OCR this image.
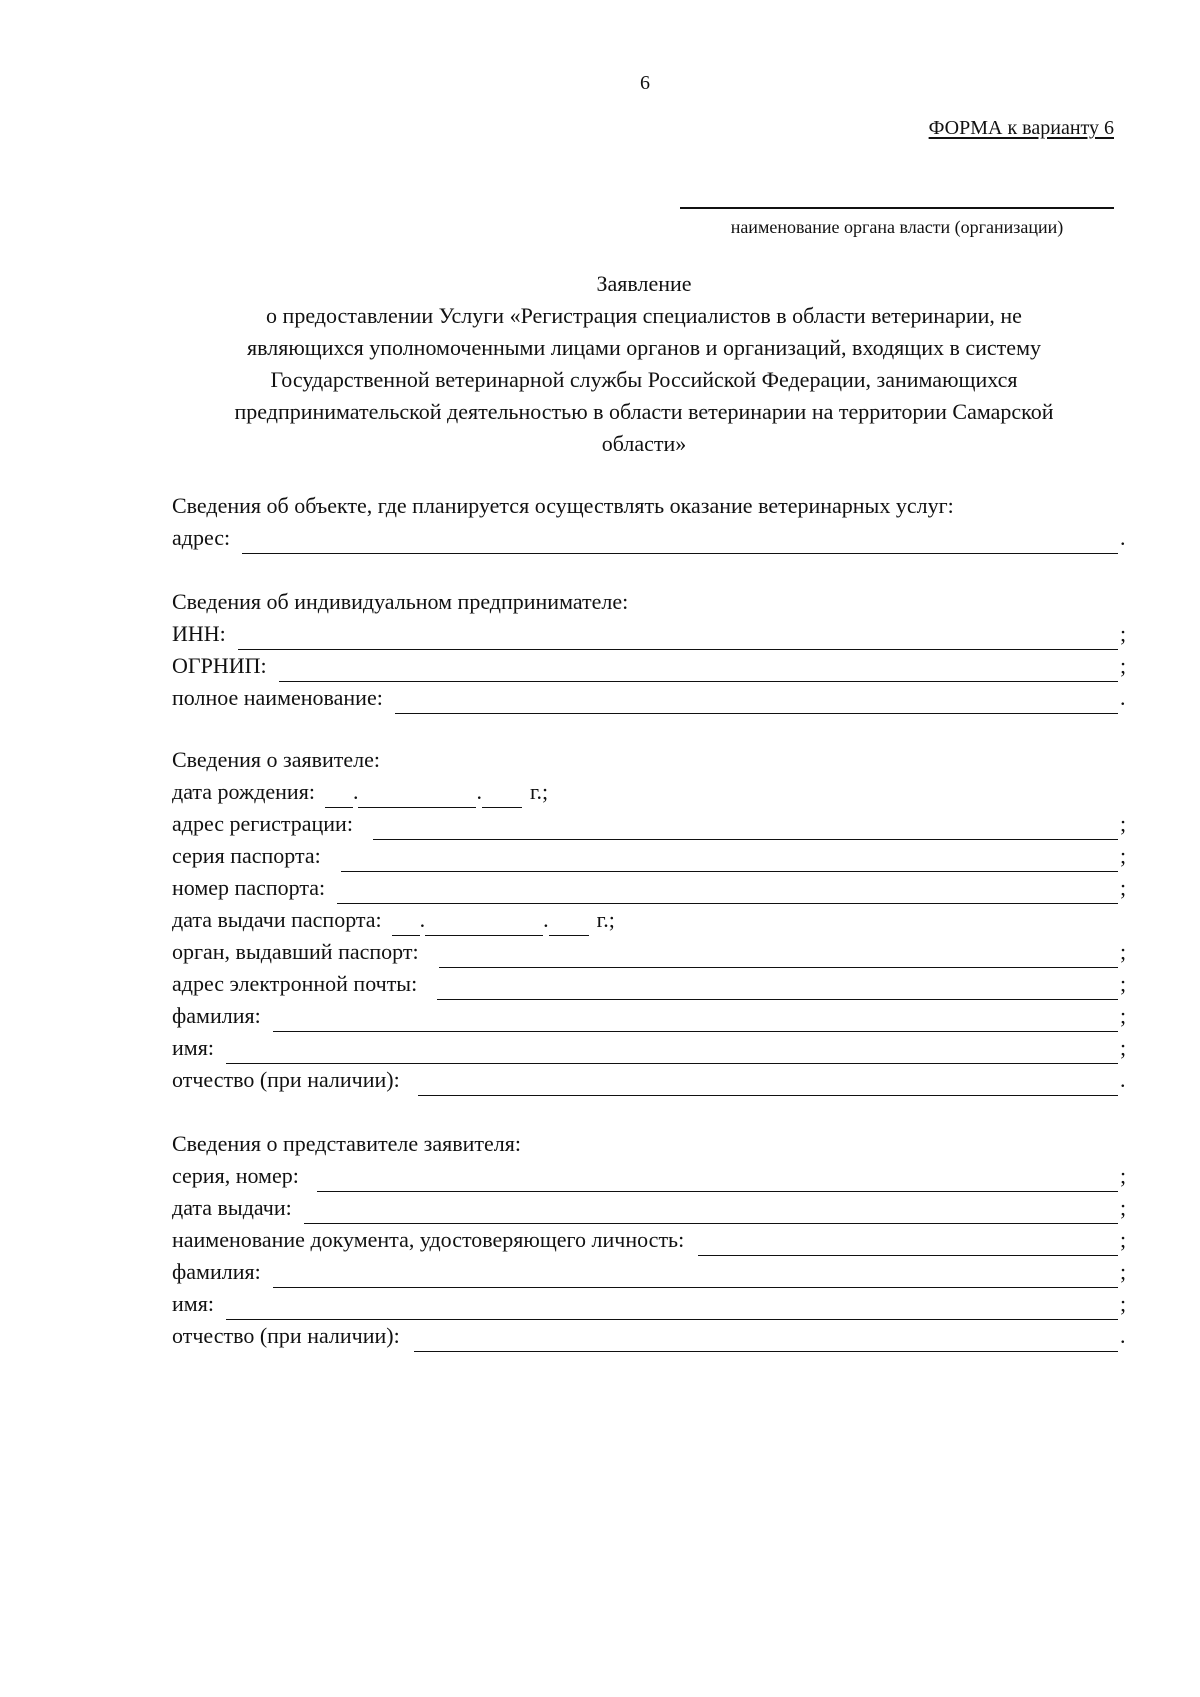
6
ФОРМА к варианту 6
наименование органа власти (организации)
Заявление
о предоставлении Услуги «Регистрация специалистов в области ветеринарии, не
являющихся уполномоченными лицами органов и организаций, входящих в систему
Государственной ветеринарной службы Российской Федерации, занимающихся
предпринимательской деятельностью в области ветеринарии на территории Самарской
области»
Сведения об объекте, где планируется осуществлять оказание ветеринарных услуг:
адрес:	.
Сведения об индивидуальном предпринимателе:
ИНН:	;
ОГРНИП:	;
полное наименование:	.
Сведения о заявителе:
дата рождения: .	. г.;
адрес регистрации:	;
серия паспорта:	;
номер паспорта:	;
дата выдачи паспорта: .	. г.;
орган, выдавший паспорт:	;
адрес электронной почты:	;
фамилия:	;
имя:	;
отчество (при наличии):	.
Сведения о представителе заявителя:
серия, номер:	;
дата выдачи:	;
наименование документа, удостоверяющего личность:	;
фамилия:	;
имя:	;
отчество (при наличии):	.
